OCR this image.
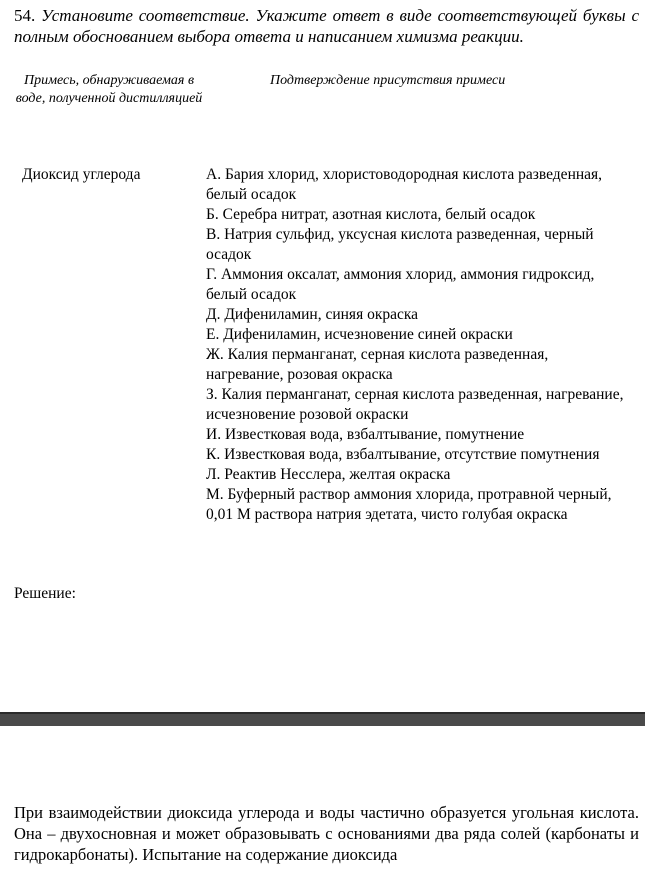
54. Установите соответствие. Укажите ответ в виде соответствующей буквы с полным обоснованием выбора ответа и написанием химизма реакции.
Примесь, обнаруживаемая в воде, полученной дистилляцией
Подтверждение присутствия примеси
Диоксид углерода	А. Бария хлорид, хлористоводородная кислота разведенная, белый осадок

Б. Серебра нитрат, азотная кислота, белый осадок

В. Натрия сульфид, уксусная кислота разведенная, черный осадок

Г. Аммония оксалат, аммония хлорид, аммония гидроксид, белый осадок

Д. Дифениламин, синяя окраска

Е. Дифениламин, исчезновение синей окраски

Ж. Калия перманганат, серная кислота разведенная, нагревание, розовая окраска

З. Калия перманганат, серная кислота разведенная, нагревание, исчезновение розовой окраски

И. Известковая вода, взбалтывание, помутнение

К. Известковая вода, взбалтывание, отсутствие помутнения

Л. Реактив Несслера, желтая окраска

М. Буферный раствор аммония хлорида, протравной черный, 0,01 М раствора натрия эдетата, чисто голубая окраска

Решение:
При взаимодействии диоксида углерода и воды частично образуется угольная кислота. Она – двухосновная и может образовывать с основаниями два ряда солей (карбонаты и гидрокарбонаты). Испытание на содержание диоксида
